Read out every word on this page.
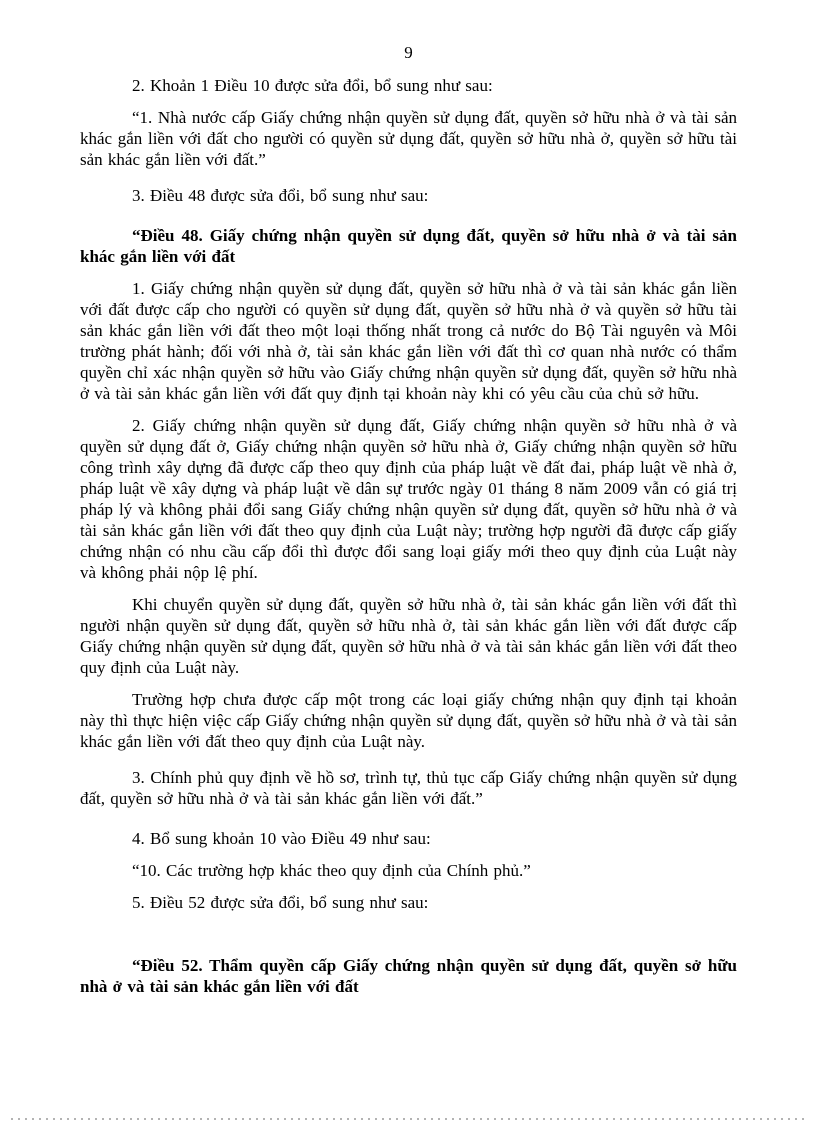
9

2. Khoản 1 Điều 10 được sửa đổi, bổ sung như sau:

“1. Nhà nước cấp Giấy chứng nhận quyền sử dụng đất, quyền sở hữu nhà ở và tài sản khác gắn liền với đất cho người có quyền sử dụng đất, quyền sở hữu nhà ở, quyền sở hữu tài sản khác gắn liền với đất.”

3. Điều 48 được sửa đổi, bổ sung như sau:

“Điều 48. Giấy chứng nhận quyền sử dụng đất, quyền sở hữu nhà ở và tài sản khác gắn liền với đất

1. Giấy chứng nhận quyền sử dụng đất, quyền sở hữu nhà ở và tài sản khác gắn liền với đất được cấp cho người có quyền sử dụng đất, quyền sở hữu nhà ở và quyền sở hữu tài sản khác gắn liền với đất theo một loại thống nhất trong cả nước do Bộ Tài nguyên và Môi trường phát hành; đối với nhà ở, tài sản khác gắn liền với đất thì cơ quan nhà nước có thẩm quyền chỉ xác nhận quyền sở hữu vào Giấy chứng nhận quyền sử dụng đất, quyền sở hữu nhà ở và tài sản khác gắn liền với đất quy định tại khoản này khi có yêu cầu của chủ sở hữu.

2. Giấy chứng nhận quyền sử dụng đất, Giấy chứng nhận quyền sở hữu nhà ở và quyền sử dụng đất ở, Giấy chứng nhận quyền sở hữu nhà ở, Giấy chứng nhận quyền sở hữu công trình xây dựng đã được cấp theo quy định của pháp luật về đất đai, pháp luật về nhà ở, pháp luật về xây dựng và pháp luật về dân sự trước ngày 01 tháng 8 năm 2009 vẫn có giá trị pháp lý và không phải đổi sang Giấy chứng nhận quyền sử dụng đất, quyền sở hữu nhà ở và tài sản khác gắn liền với đất theo quy định của Luật này; trường hợp người đã được cấp giấy chứng nhận có nhu cầu cấp đổi thì được đổi sang loại giấy mới theo quy định của Luật này và không phải nộp lệ phí.

Khi chuyển quyền sử dụng đất, quyền sở hữu nhà ở, tài sản khác gắn liền với đất thì người nhận quyền sử dụng đất, quyền sở hữu nhà ở, tài sản khác gắn liền với đất được cấp Giấy chứng nhận quyền sử dụng đất, quyền sở hữu nhà ở và tài sản khác gắn liền với đất theo quy định của Luật này.

Trường hợp chưa được cấp một trong các loại giấy chứng nhận quy định tại khoản này thì thực hiện việc cấp Giấy chứng nhận quyền sử dụng đất, quyền sở hữu nhà ở và tài sản khác gắn liền với đất theo quy định của Luật này.

3. Chính phủ quy định về hồ sơ, trình tự, thủ tục cấp Giấy chứng nhận quyền sử dụng đất, quyền sở hữu nhà ở và tài sản khác gắn liền với đất.”

4. Bổ sung khoản 10 vào Điều 49 như sau:

“10. Các trường hợp khác theo quy định của Chính phủ.”

5. Điều 52 được sửa đổi, bổ sung như sau:

“Điều 52. Thẩm quyền cấp Giấy chứng nhận quyền sử dụng đất, quyền sở hữu nhà ở và tài sản khác gắn liền với đất
